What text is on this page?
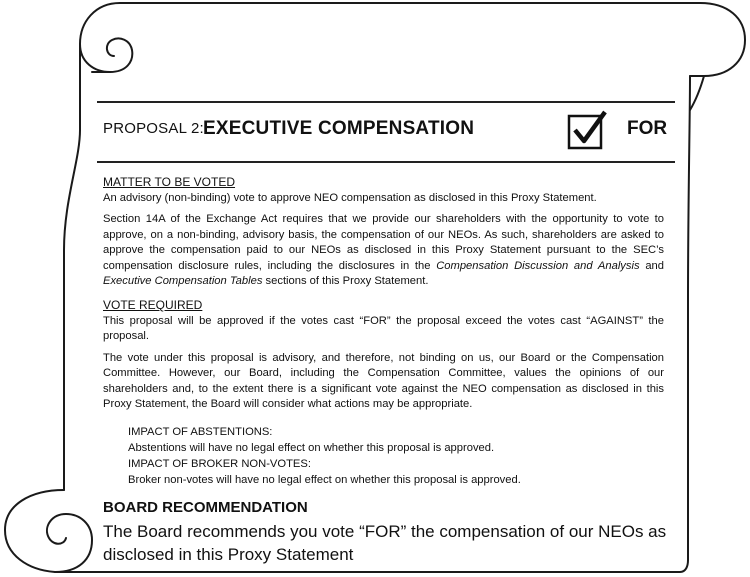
PROPOSAL 2: EXECUTIVE COMPENSATION	FOR

MATTER TO BE VOTED

An advisory (non-binding) vote to approve NEO compensation as disclosed in this Proxy Statement.

Section 14A of the Exchange Act requires that we provide our shareholders with the opportunity to vote to approve, on a non-binding, advisory basis, the compensation of our NEOs. As such, shareholders are asked to approve the compensation paid to our NEOs as disclosed in this Proxy Statement pursuant to the SEC’s compensation disclosure rules, including the disclosures in the Compensation Discussion and Analysis and Executive Compensation Tables sections of this Proxy Statement.

VOTE REQUIRED

This proposal will be approved if the votes cast “FOR” the proposal exceed the votes cast “AGAINST” the proposal.

The vote under this proposal is advisory, and therefore, not binding on us, our Board or the Compensation Committee. However, our Board, including the Compensation Committee, values the opinions of our shareholders and, to the extent there is a significant vote against the NEO compensation as disclosed in this Proxy Statement, the Board will consider what actions may be appropriate.

IMPACT OF ABSTENTIONS:
Abstentions will have no legal effect on whether this proposal is approved.
IMPACT OF BROKER NON-VOTES:
Broker non-votes will have no legal effect on whether this proposal is approved.
BOARD RECOMMENDATION
The Board recommends you vote “FOR” the compensation of our NEOs as disclosed in this Proxy Statement
